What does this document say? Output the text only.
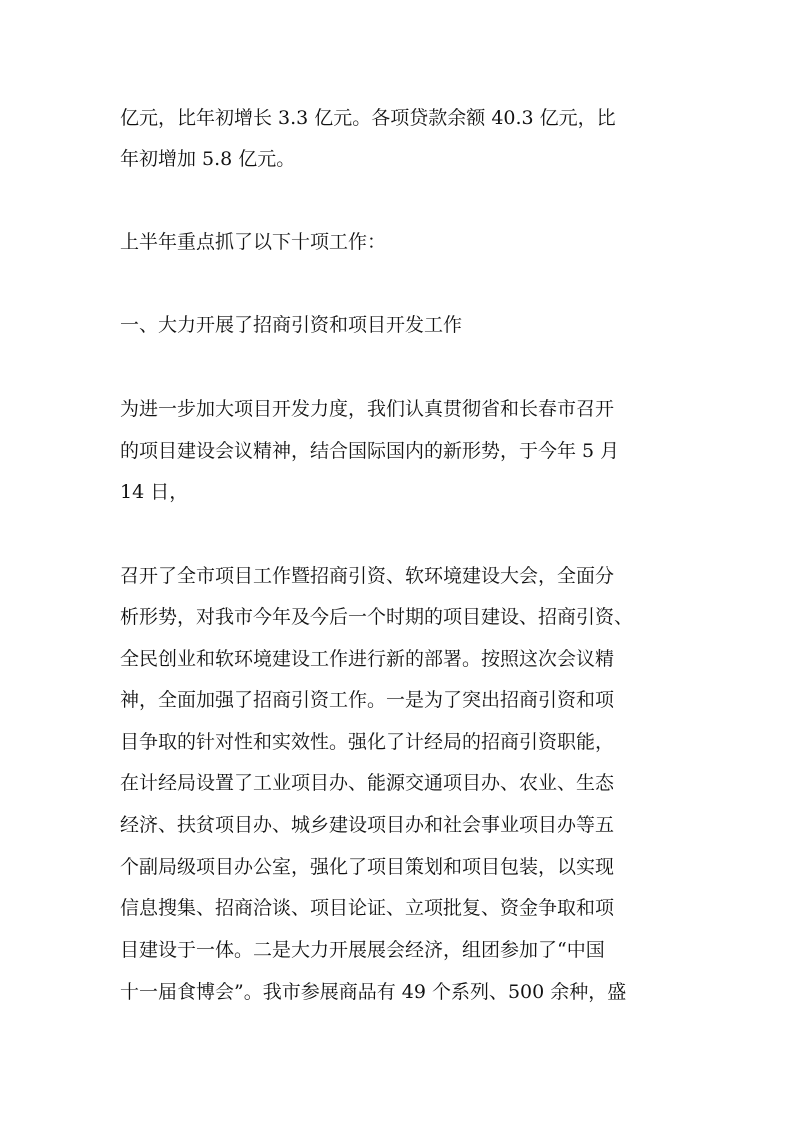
亿元，比年初增长 3.3 亿元。各项贷款余额 40.3 亿元，比
年初增加 5.8 亿元。
上半年重点抓了以下十项工作：
一、大力开展了招商引资和项目开发工作
为进一步加大项目开发力度，我们认真贯彻省和长春市召开
的项目建设会议精神，结合国际国内的新形势，于今年 5 月
14 日，
召开了全市项目工作暨招商引资、软环境建设大会，全面分
析形势，对我市今年及今后一个时期的项目建设、招商引资、
全民创业和软环境建设工作进行新的部署。按照这次会议精
神，全面加强了招商引资工作。一是为了突出招商引资和项
目争取的针对性和实效性。强化了计经局的招商引资职能，
在计经局设置了工业项目办、能源交通项目办、农业、生态
经济、扶贫项目办、城乡建设项目办和社会事业项目办等五
个副局级项目办公室，强化了项目策划和项目包装，以实现
信息搜集、招商洽谈、项目论证、立项批复、资金争取和项
目建设于一体。二是大力开展展会经济，组团参加了“中国
十一届食博会”。我市参展商品有 49 个系列、500 余种，盛
